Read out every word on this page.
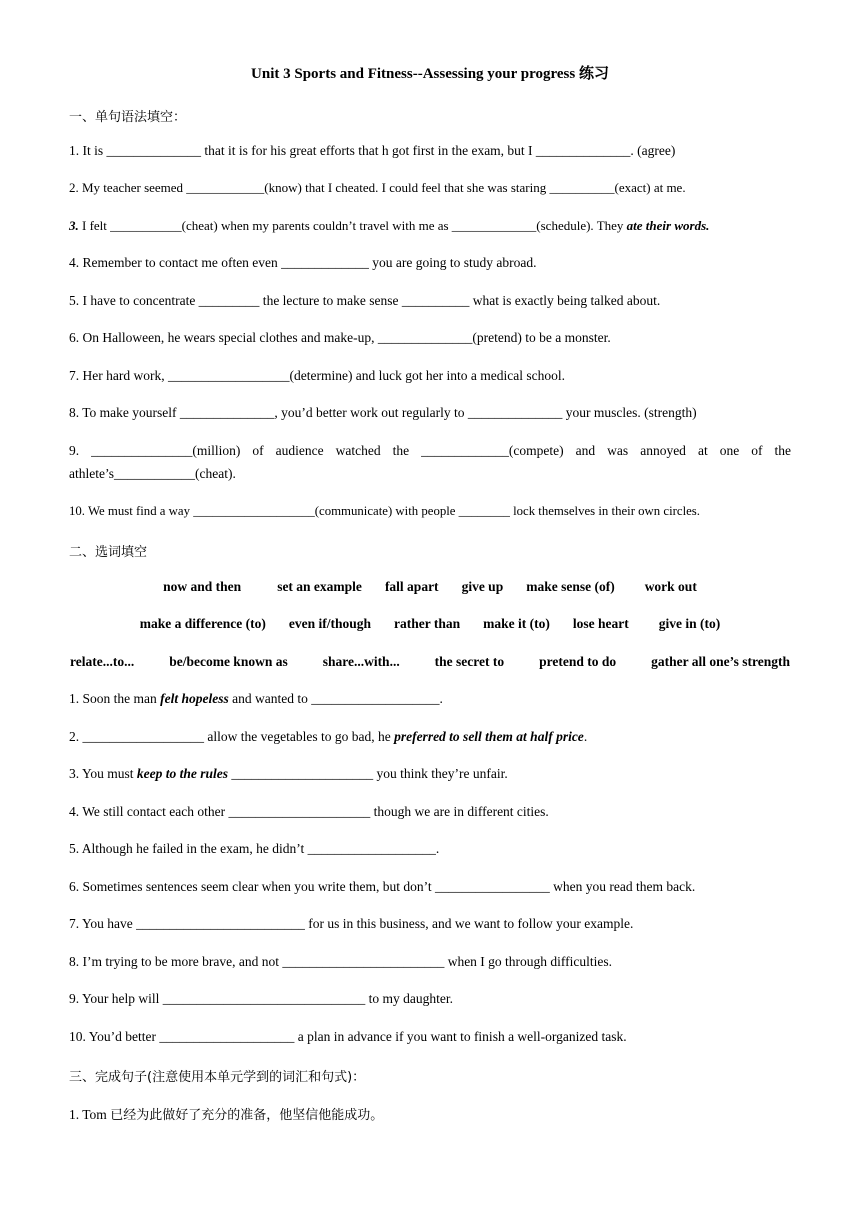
Unit 3 Sports and Fitness--Assessing your progress 练习
一、单句语法填空：
1. It is ______________ that it is for his great efforts that h got first in the exam, but I ______________. (agree)
2. My teacher seemed ____________(know) that I cheated. I could feel that she was staring __________(exact) at me.
3. I felt ___________(cheat) when my parents couldn’t travel with me as _____________(schedule). They ate their words.
4. Remember to contact me often even _____________ you are going to study abroad.
5. I have to concentrate _________ the lecture to make sense __________ what is exactly being talked about.
6. On Halloween, he wears special clothes and make-up, ______________(pretend) to be a monster.
7. Her hard work, __________________(determine) and luck got her into a medical school.
8. To make yourself ______________, you’d better work out regularly to ______________ your muscles. (strength)
9. _______________(million) of audience watched the _____________(compete) and was annoyed at one of the
athlete’s____________(cheat).
10. We must find a way ___________________(communicate) with people ________ lock themselves in their own circles.
二、选词填空
now and then	set an example fall apart give up make sense (of) work out
make a difference (to) even if/though rather than make it (to) lose heart give in (to)
relate...to...	be/become known as	share...with...	the secret to	pretend to do	gather all one’s strength
1. Soon the man felt hopeless and wanted to ___________________.
2. __________________ allow the vegetables to go bad, he preferred to sell them at half price.
3. You must keep to the rules _____________________ you think they’re unfair.
4. We still contact each other _____________________ though we are in different cities.
5. Although he failed in the exam, he didn’t ___________________.
6. Sometimes sentences seem clear when you write them, but don’t _________________ when you read them back.
7. You have _________________________ for us in this business, and we want to follow your example.
8. I’m trying to be more brave, and not ________________________ when I go through difficulties.
9. Your help will ______________________________ to my daughter.
10. You’d better ____________________ a plan in advance if you want to finish a well-organized task.
三、完成句子(注意使用本单元学到的词汇和句式)：
1. Tom 已经为此做好了充分的准备，他坚信他能成功。
